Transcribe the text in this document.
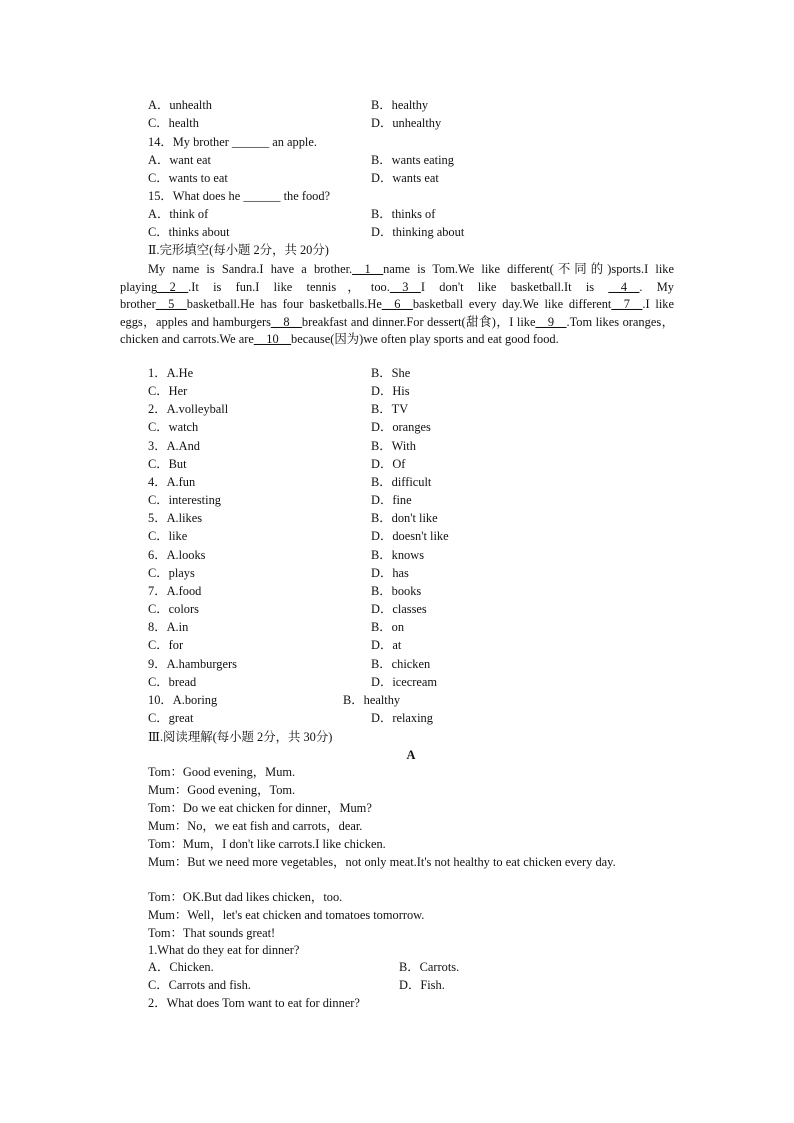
A．unhealth	B．healthy
C．health	D．unhealthy
14．My brother ______ an apple.
A．want eat	B．wants eating
C．wants to eat	D．wants eat
15．What does he ______ the food?
A．think of	B．thinks of
C．thinks about	D．thinking about
Ⅱ.完形填空(每小题 2分，共 20分)
My name is Sandra.I have a brother.__1__name is Tom.We like different(不同的)sports.I like playing__2__.It is fun.I like tennis，too.__3__I don't like basketball.It is __4__. My brother__5__basketball.He has four basketballs.He__6__basketball every day.We like different__7__.I like eggs，apples and hamburgers__8__breakfast and dinner.For dessert(甜食)，I like__9__.Tom likes oranges，chicken and carrots.We are__10__because(因为)we often play sports and eat good food.
1．A.He	B．She
C．Her	D．His
2．A.volleyball	B．TV
C．watch	D．oranges
3．A.And	B．With
C．But	D．Of
4．A.fun	B．difficult
C．interesting	D．fine
5．A.likes	B．don't like
C．like	D．doesn't like
6．A.looks	B．knows
C．plays	D．has
7．A.food	B．books
C．colors	D．classes
8．A.in	B．on
C．for	D．at
9．A.hamburgers	B．chicken
C．bread	D．icecream
10．A.boring	B．healthy
C．great	D．relaxing
Ⅲ.阅读理解(每小题 2分，共 30分)
A
Tom：Good evening，Mum.
Mum：Good evening，Tom.
Tom：Do we eat chicken for dinner，Mum?
Mum：No，we eat fish and carrots，dear.
Tom：Mum，I don't like carrots.I like chicken.
Mum：But we need more vegetables，not only meat.It's not healthy to eat chicken every day.
Tom：OK.But dad likes chicken，too.
Mum：Well，let's eat chicken and tomatoes tomorrow.
Tom：That sounds great!
1.What do they eat for dinner?
A．Chicken.	B．Carrots.
C．Carrots and fish.	D．Fish.
2．What does Tom want to eat for dinner?
